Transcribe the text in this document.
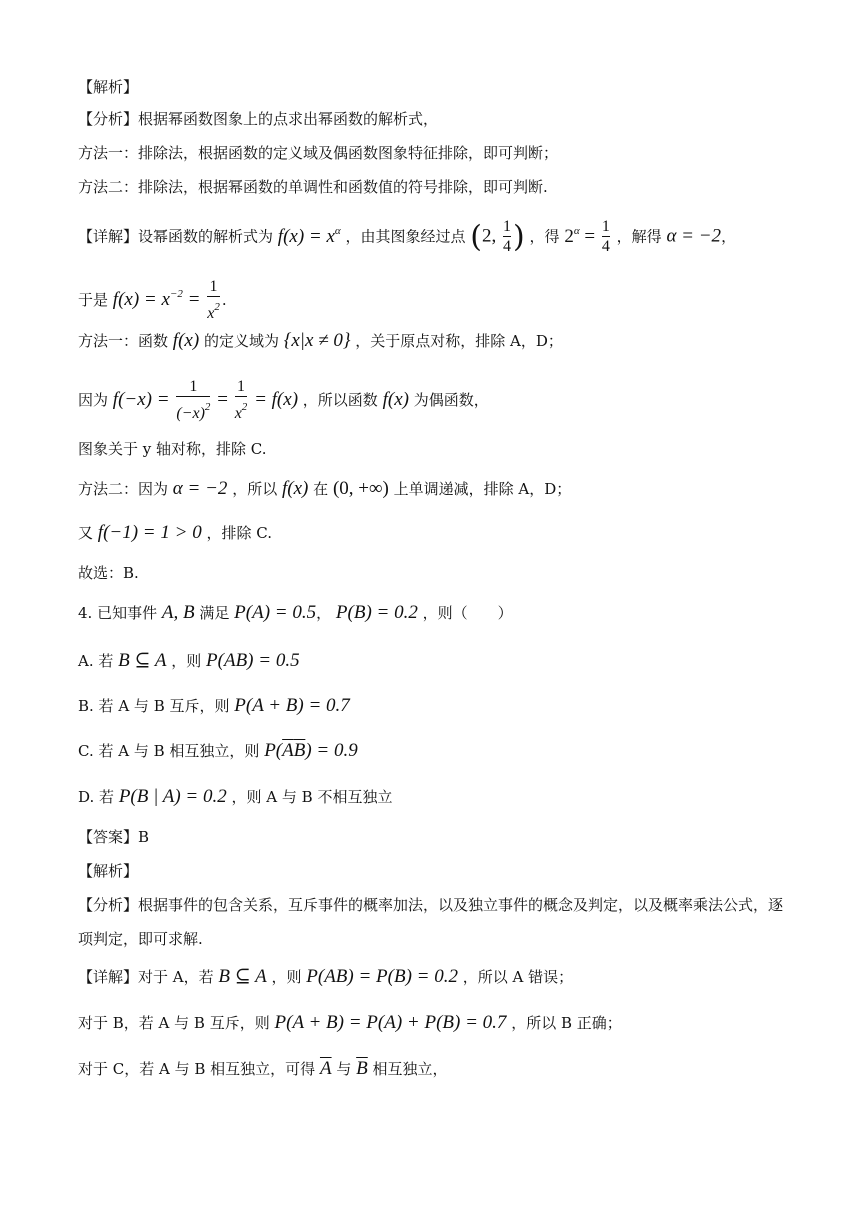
【解析】
【分析】根据幂函数图象上的点求出幂函数的解析式，
方法一：排除法，根据函数的定义域及偶函数图象特征排除，即可判断；
方法二：排除法，根据幂函数的单调性和函数值的符号排除，即可判断.
【详解】设幂函数的解析式为 $f(x) = x^\alpha$ ，由其图象经过点 (2, $\frac{1}{4}$ ) ，得 $2^\alpha = \frac{1}{4}$ ，解得 α = −2，
于是 $f(x) = x^{-2} = \frac{1}{x^2}$ .
方法一：函数 f(x) 的定义域为 {x|x ≠ 0} ，关于原点对称，排除 A，D；
因为 $f(-x) = \frac{1}{(-x)^2} = \frac{1}{x^2} = f(x)$ ，所以函数 f(x) 为偶函数，
图象关于 y 轴对称，排除 C.
方法二：因为 α = −2 ，所以 f(x) 在 (0, +∞) 上单调递减，排除 A，D；
又 f(−1) = 1 > 0 ，排除 C.
故选：B.
4. 已知事件 A, B 满足 P(A) = 0.5， P(B) = 0.2 ，则（　　）
A. 若 B ⊆ A ，则 P(AB) = 0.5
B. 若 A 与 B 互斥，则 P(A + B) = 0.7
C. 若 A 与 B 相互独立，则 $P(\overline{A}\overline{B}) = 0.9$
D. 若 P(B | A) = 0.2 ，则 A 与 B 不相互独立
【答案】B
【解析】
【分析】根据事件的包含关系，互斥事件的概率加法，以及独立事件的概念及判定，以及概率乘法公式，逐
项判定，即可求解.
【详解】对于 A，若 B ⊆ A ，则 P(AB) = P(B) = 0.2 ，所以 A 错误；
对于 B，若 A 与 B 互斥，则 P(A + B) = P(A) + P(B) = 0.7 ，所以 B 正确；
对于 C，若 A 与 B 相互独立，可得 $\overline{A}$ 与 $\overline{B}$ 相互独立，
